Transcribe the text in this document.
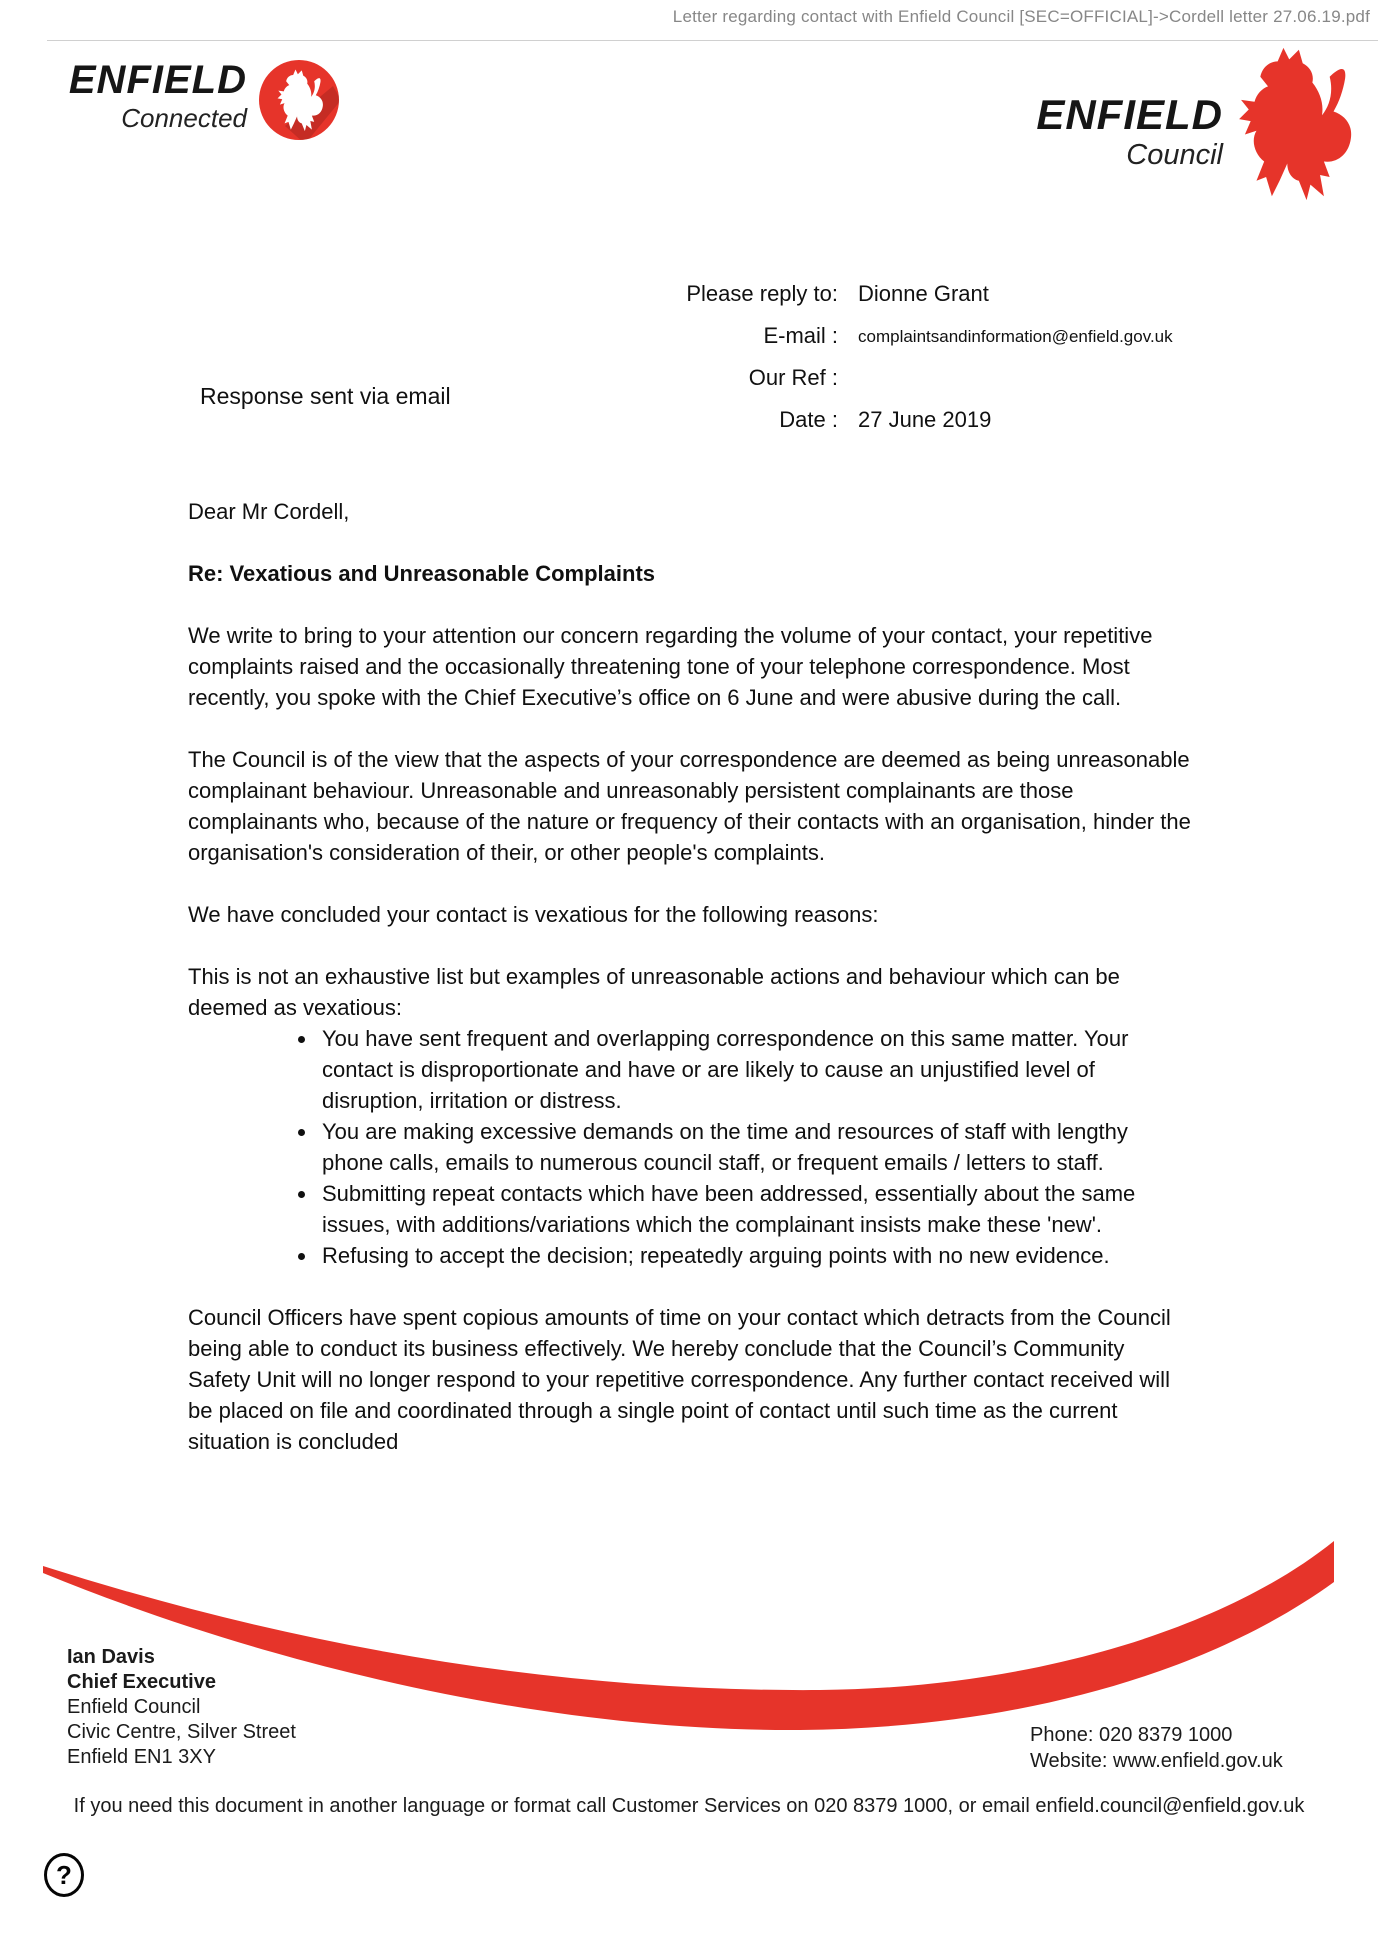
Letter regarding contact with Enfield Council [SEC=OFFICIAL]->Cordell letter 27.06.19.pdf
ENFIELD
Connected	ENFIELD
Council
Please reply to: Dionne Grant
E-mail : complaintsandinformation@enfield.gov.uk
Our Ref :
Date : 27 June 2019
Response sent via email

Dear Mr Cordell,

Re: Vexatious and Unreasonable Complaints

We write to bring to your attention our concern regarding the volume of your contact, your repetitive complaints raised and the occasionally threatening tone of your telephone correspondence. Most recently, you spoke with the Chief Executive’s office on 6 June and were abusive during the call.

The Council is of the view that the aspects of your correspondence are deemed as being unreasonable complainant behaviour. Unreasonable and unreasonably persistent complainants are those complainants who, because of the nature or frequency of their contacts with an organisation, hinder the organisation's consideration of their, or other people's complaints.

We have concluded your contact is vexatious for the following reasons:

This is not an exhaustive list but examples of unreasonable actions and behaviour which can be deemed as vexatious:

• You have sent frequent and overlapping correspondence on this same matter. Your contact is disproportionate and have or are likely to cause an unjustified level of disruption, irritation or distress.
• You are making excessive demands on the time and resources of staff with lengthy phone calls, emails to numerous council staff, or frequent emails / letters to staff.
• Submitting repeat contacts which have been addressed, essentially about the same issues, with additions/variations which the complainant insists make these 'new'.
• Refusing to accept the decision; repeatedly arguing points with no new evidence.

Council Officers have spent copious amounts of time on your contact which detracts from the Council being able to conduct its business effectively. We hereby conclude that the Council’s Community Safety Unit will no longer respond to your repetitive correspondence. Any further contact received will be placed on file and coordinated through a single point of contact until such time as the current situation is concluded

Ian Davis
Chief Executive
Enfield Council
Civic Centre, Silver Street
Enfield EN1 3XY
Phone: 020 8379 1000
Website: www.enfield.gov.uk
If you need this document in another language or format call Customer Services on 020 8379 1000, or email enfield.council@enfield.gov.uk
?
